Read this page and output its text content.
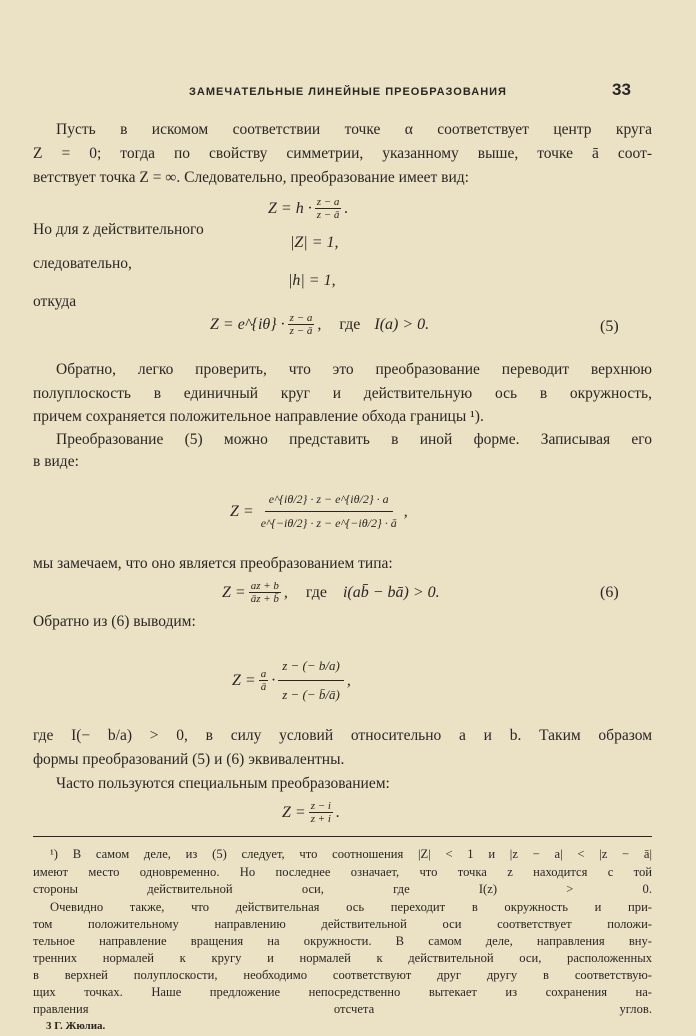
ЗАМЕЧАТЕЛЬНЫЕ ЛИНЕЙНЫЕ ПРЕОБРАЗОВАНИЯ	33
Пусть в искомом соответствии точке α соответствует центр круга
Z = 0; тогда по свойству симметрии, указанному выше, точке ā соот-
ветствует точка Z = ∞. Следовательно, преобразование имеет вид:
$Z = h \cdot \frac{z - a}{z - ā}$ .
Но для z действительного
|Z| = 1,
следовательно,
|h| = 1,
откуда
Z = e^{iθ} · $\frac{z - a}{z - ā}$ , где I(a) > 0.	(5)
Обратно, легко проверить, что это преобразование переводит верхнюю
полуплоскость в единичный круг и действительную ось в окружность,
причем сохраняется положительное направление обхода границы ¹).
Преобразование (5) можно представить в иной форме. Записывая его
в виде:
$Z = \frac{e\^{}\{i\theta/2\} \cdot z - e\^{}\{i\theta/2\} \cdot a}{e\^{}\{-i\theta/2\} \cdot z - e\^{}\{-i\theta/2\} \cdot ā}$ ,
мы замечаем, что оно является преобразованием типа:
$Z = \frac{az + b}{āz + b̄}$ , где i(ab̄ − bā) > 0.	(6)
Обратно из (6) выводим:
$Z = \frac{a}{ā} \cdot \frac{z - (- b/a)}{z - (- b̄/ā)}$ ,
где I(− b/a) > 0, в силу условий относительно a и b. Таким образом
формы преобразований (5) и (6) эквивалентны.
Часто пользуются специальным преобразованием:
$Z = \frac{z - i}{z + i}$ .
¹) В самом деле, из (5) следует, что соотношения |Z| < 1 и |z − a| < |z − ā|
имеют место одновременно. Но последнее означает, что точка z находится с той
стороны действительной оси, где I(z) > 0.
Очевидно также, что действительная ось переходит в окружность и при-
том положительному направлению действительной оси соответствует положи-
тельное направление вращения на окружности. В самом деле, направления вну-
тренних нормалей к кругу и нормалей к действительной оси, расположенных
в верхней полуплоскости, необходимо соответствуют друг другу в соответствую-
щих точках. Наше предложение непосредственно вытекает из сохранения на-
правления отсчета углов.
3 Г. Жюлиа.
